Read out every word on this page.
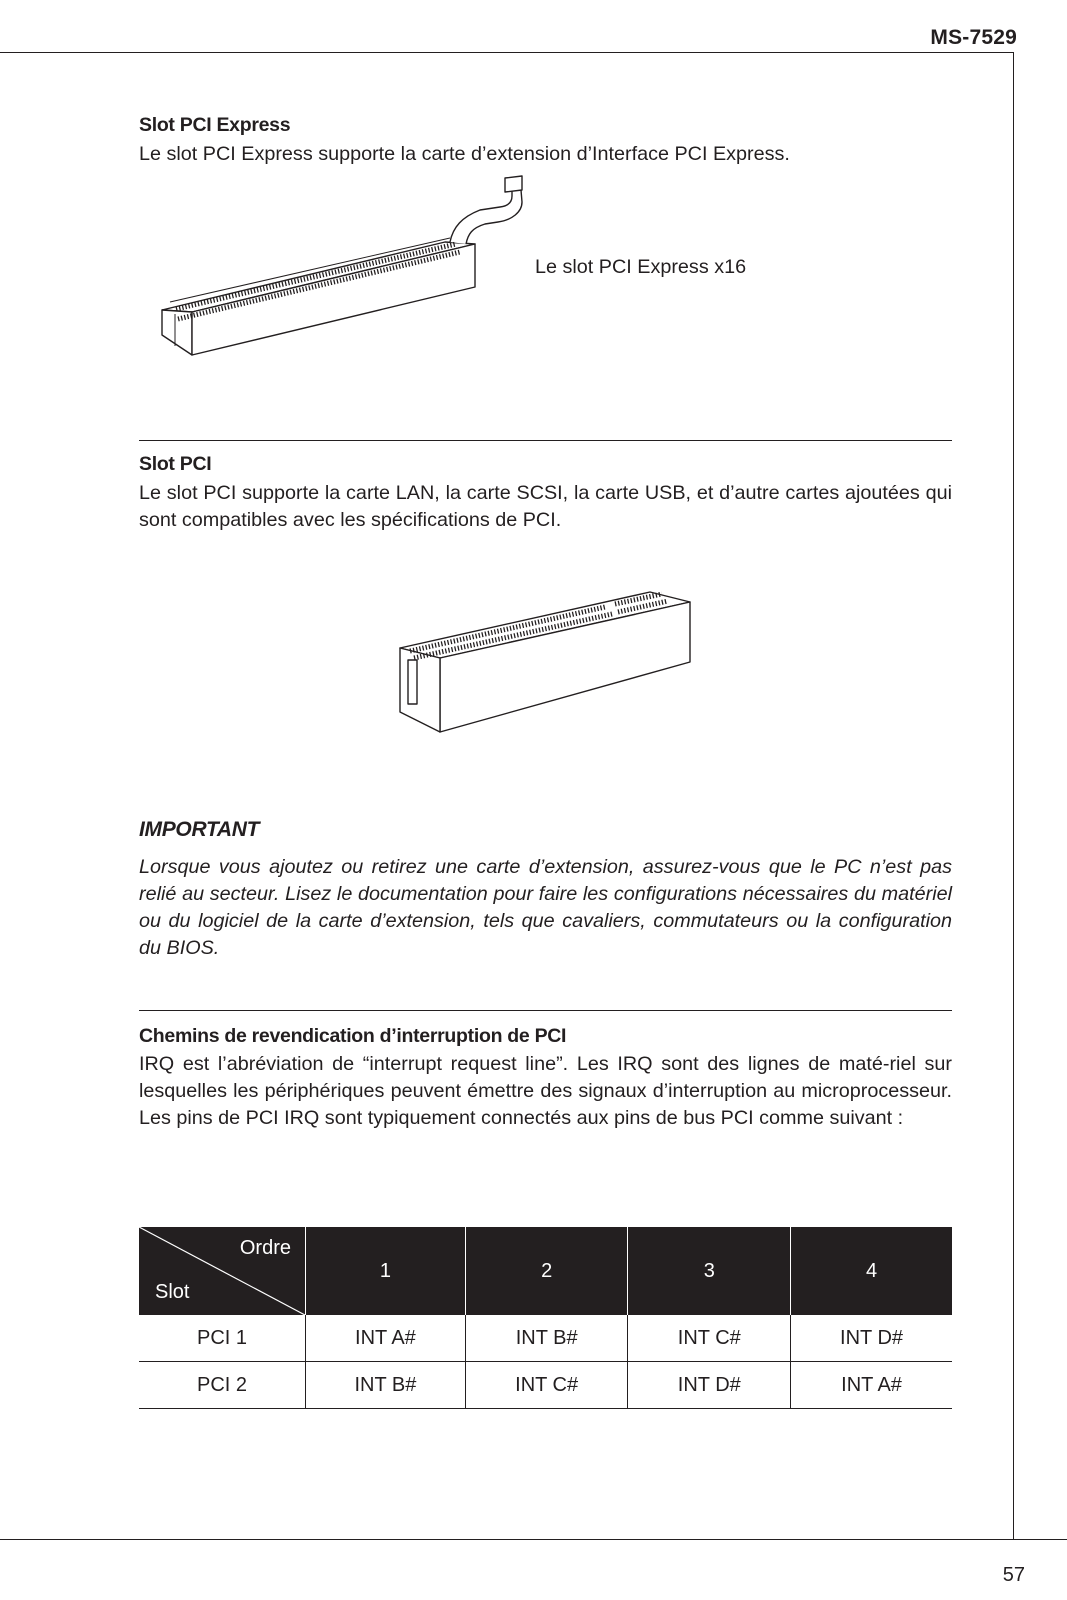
MS-7529
57
Slot PCI Express
Le slot PCI Express supporte la carte d’extension d’Interface PCI Express.
Le slot PCI Express x16
Slot PCI
Le slot PCI supporte la carte LAN, la carte SCSI, la carte USB, et d’autre cartes ajoutées qui sont compatibles avec les spécifications de PCI.
IMPORTANT
Lorsque vous ajoutez ou retirez une carte d’extension, assurez-vous que le PC n’est pas relié au secteur. Lisez le documentation pour faire les configurations nécessaires du matériel ou du logiciel de la carte d’extension, tels que cavaliers, commutateurs ou la configuration du BIOS.
Chemins de revendication d’interruption de PCI
IRQ est l’abréviation de “interrupt request line”. Les IRQ sont des lignes de maté-riel sur lesquelles les périphériques peuvent émettre des signaux d’interruption au microprocesseur. Les pins de PCI IRQ sont typiquement connectés aux pins de bus PCI comme suivant :
Ordre
Slot	1	2	3	4
PCI 1	INT A#	INT B#	INT C#	INT D#
PCI 2	INT B#	INT C#	INT D#	INT A#
